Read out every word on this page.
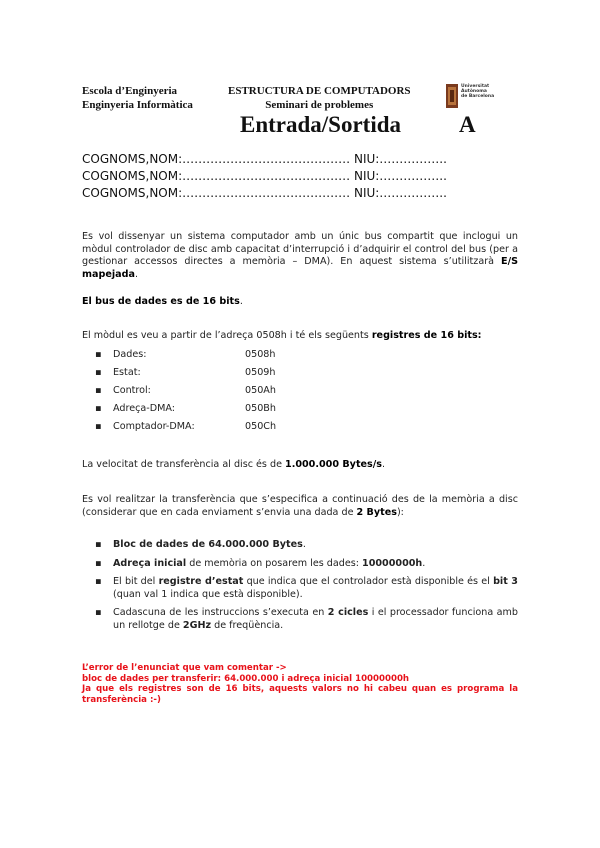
Escola d’Enginyeria
Enginyeria Informàtica
ESTRUCTURA DE COMPUTADORS
Seminari de problemes
Universitat
Autònoma
de Barcelona
Entrada/Sortida	A
COGNOMS,NOM:…………………………………… NIU:……………..
COGNOMS,NOM:…………………………………… NIU:……………..
COGNOMS,NOM:…………………………………… NIU:……………..
Es vol dissenyar un sistema computador amb un únic bus compartit que inclogui un mòdul controlador de disc amb capacitat d’interrupció i d’adquirir el control del bus (per a gestionar accessos directes a memòria – DMA). En aquest sistema s’utilitzarà E/S mapejada.
El bus de dades es de 16 bits.
El mòdul es veu a partir de l’adreça 0508h i té els següents registres de 16 bits:
▪	Dades:	0508h
▪	Estat:	0509h
▪	Control:	050Ah
▪	Adreça-DMA:	050Bh
▪	Comptador-DMA:	050Ch
La velocitat de transferència al disc és de 1.000.000 Bytes/s.
Es vol realitzar la transferència que s’especifica a continuació des de la memòria a disc (considerar que en cada enviament s’envia una dada de 2 Bytes):
▪	Bloc de dades de 64.000.000 Bytes.
▪	Adreça inicial de memòria on posarem les dades: 10000000h.
▪	El bit del registre d’estat que indica que el controlador està disponible és el bit 3 (quan val 1 indica que està disponible).
▪	Cadascuna de les instruccions s’executa en 2 cicles i el processador funciona amb un rellotge de 2GHz de freqüència.
L’error de l’enunciat que vam comentar ->
bloc de dades per transferir: 64.000.000 i adreça inicial 10000000h
Ja que els registres son de 16 bits, aquests valors no hi cabeu quan es programa la transferència :-)
